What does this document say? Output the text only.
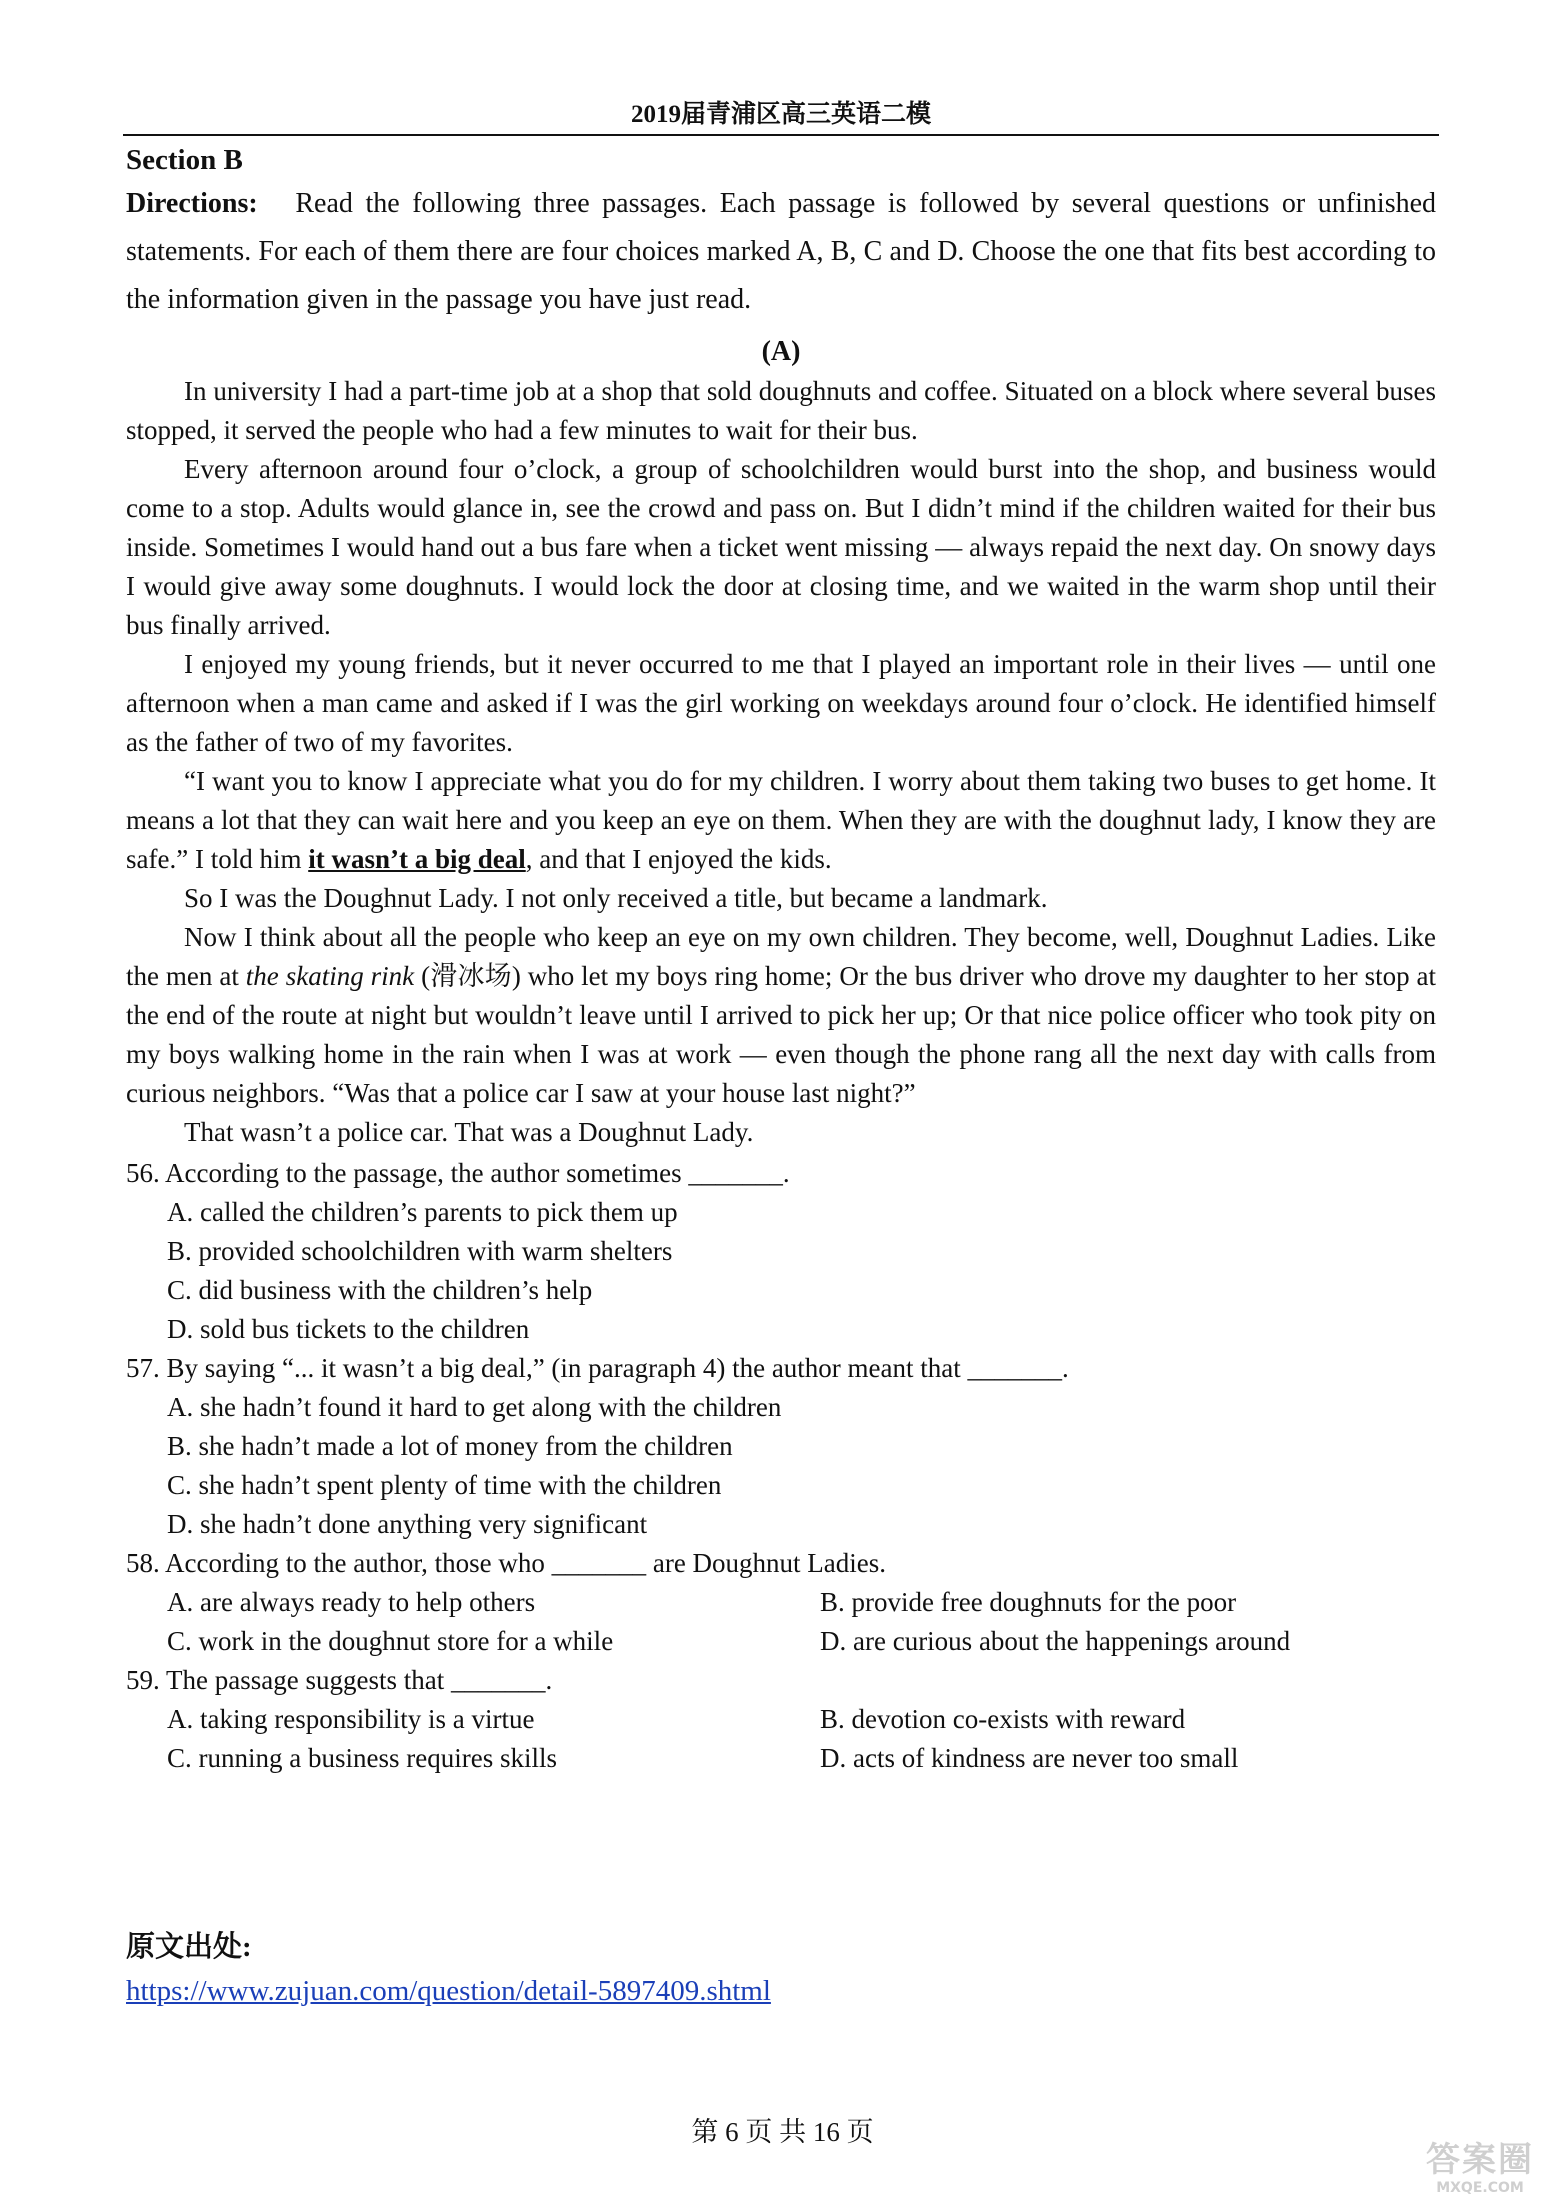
2019届青浦区高三英语二模
Section B
Directions: Read the following three passages. Each passage is followed by several questions or unfinished statements. For each of them there are four choices marked A, B, C and D. Choose the one that fits best according to the information given in the passage you have just read.
(A)

In university I had a part-time job at a shop that sold doughnuts and coffee. Situated on a block where several buses stopped, it served the people who had a few minutes to wait for their bus.

Every afternoon around four o’clock, a group of schoolchildren would burst into the shop, and business would come to a stop. Adults would glance in, see the crowd and pass on. But I didn’t mind if the children waited for their bus inside. Sometimes I would hand out a bus fare when a ticket went missing — always repaid the next day. On snowy days I would give away some doughnuts. I would lock the door at closing time, and we waited in the warm shop until their bus finally arrived.

I enjoyed my young friends, but it never occurred to me that I played an important role in their lives — until one afternoon when a man came and asked if I was the girl working on weekdays around four o’clock. He identified himself as the father of two of my favorites.

“I want you to know I appreciate what you do for my children. I worry about them taking two buses to get home. It means a lot that they can wait here and you keep an eye on them. When they are with the doughnut lady, I know they are safe.” I told him it wasn’t a big deal, and that I enjoyed the kids.

So I was the Doughnut Lady. I not only received a title, but became a landmark.

Now I think about all the people who keep an eye on my own children. They become, well, Doughnut Ladies. Like the men at the skating rink (滑冰场) who let my boys ring home; Or the bus driver who drove my daughter to her stop at the end of the route at night but wouldn’t leave until I arrived to pick her up; Or that nice police officer who took pity on my boys walking home in the rain when I was at work — even though the phone rang all the next day with calls from curious neighbors. “Was that a police car I saw at your house last night?”

That wasn’t a police car. That was a Doughnut Lady.

56. According to the passage, the author sometimes _______.

A. called the children’s parents to pick them up
B. provided schoolchildren with warm shelters
C. did business with the children’s help
D. sold bus tickets to the children

57. By saying “... it wasn’t a big deal,” (in paragraph 4) the author meant that _______.

A. she hadn’t found it hard to get along with the children
B. she hadn’t made a lot of money from the children
C. she hadn’t spent plenty of time with the children
D. she hadn’t done anything very significant

58. According to the author, those who _______ are Doughnut Ladies.

A. are always ready to help others	B. provide free doughnuts for the poor
C. work in the doughnut store for a while	D. are curious about the happenings around

59. The passage suggests that _______.

A. taking responsibility is a virtue	B. devotion co-exists with reward
C. running a business requires skills	D. acts of kindness are never too small
原文出处:
https://www.zujuan.com/question/detail-5897409.shtml
第 6 页 共 16 页
答案圈
MXQE.COM
